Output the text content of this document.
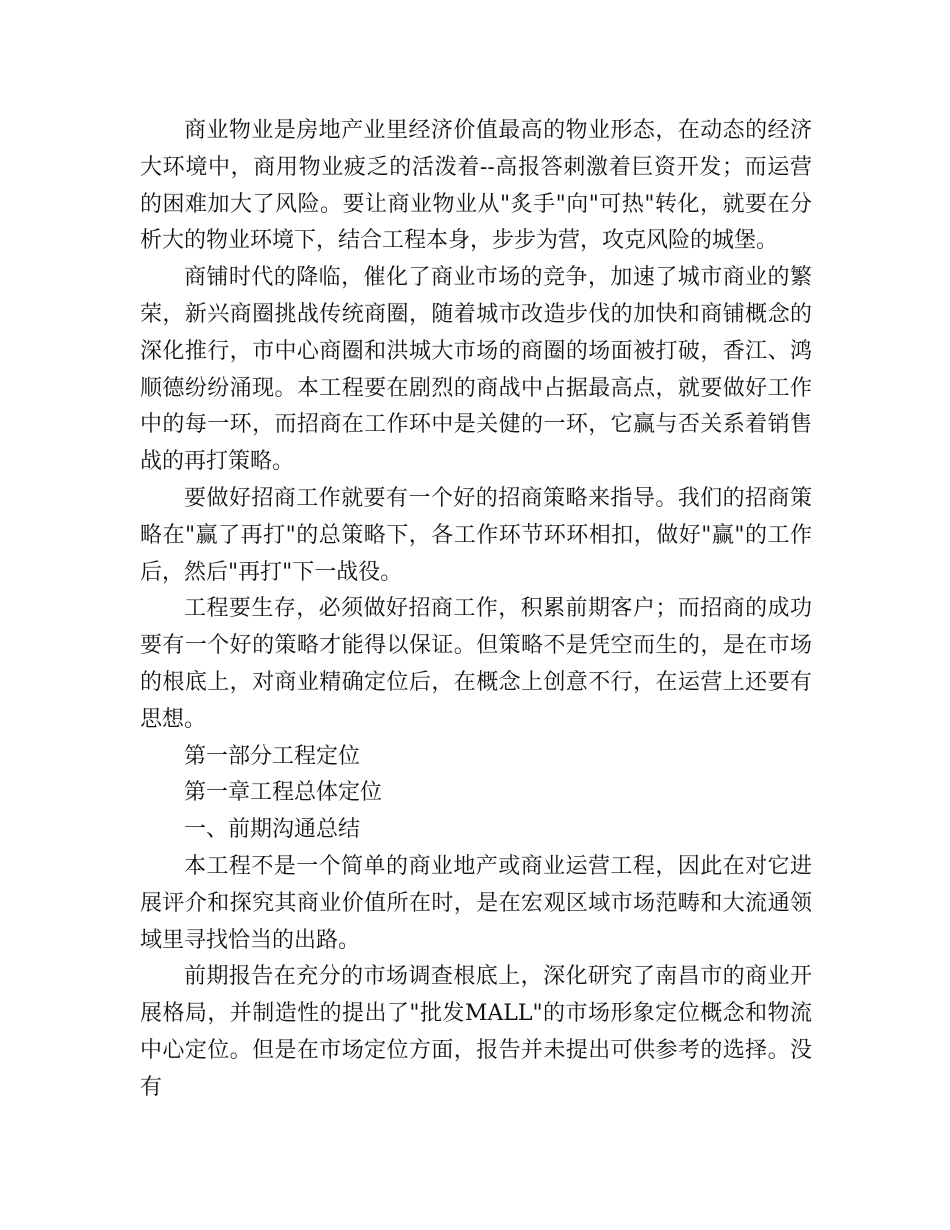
商业物业是房地产业里经济价值最高的物业形态，在动态的经济大环境中，商用物业疲乏的活泼着--高报答刺激着巨资开发；而运营的困难加大了风险。要让商业物业从"炙手"向"可热"转化，就要在分析大的物业环境下，结合工程本身，步步为营，攻克风险的城堡。

商铺时代的降临，催化了商业市场的竞争，加速了城市商业的繁荣，新兴商圈挑战传统商圈，随着城市改造步伐的加快和商铺概念的深化推行，市中心商圈和洪城大市场的商圈的场面被打破，香江、鸿顺德纷纷涌现。本工程要在剧烈的商战中占据最高点，就要做好工作中的每一环，而招商在工作环中是关健的一环，它赢与否关系着销售战的再打策略。

要做好招商工作就要有一个好的招商策略来指导。我们的招商策略在"赢了再打"的总策略下，各工作环节环环相扣，做好"赢"的工作后，然后"再打"下一战役。

工程要生存，必须做好招商工作，积累前期客户；而招商的成功要有一个好的策略才能得以保证。但策略不是凭空而生的，是在市场的根底上，对商业精确定位后，在概念上创意不行，在运营上还要有思想。

第一部分工程定位

第一章工程总体定位

一、前期沟通总结

本工程不是一个简单的商业地产或商业运营工程，因此在对它进展评介和探究其商业价值所在时，是在宏观区域市场范畴和大流通领域里寻找恰当的出路。

前期报告在充分的市场调查根底上，深化研究了南昌市的商业开展格局，并制造性的提出了"批发MALL"的市场形象定位概念和物流中心定位。但是在市场定位方面，报告并未提出可供参考的选择。没有
